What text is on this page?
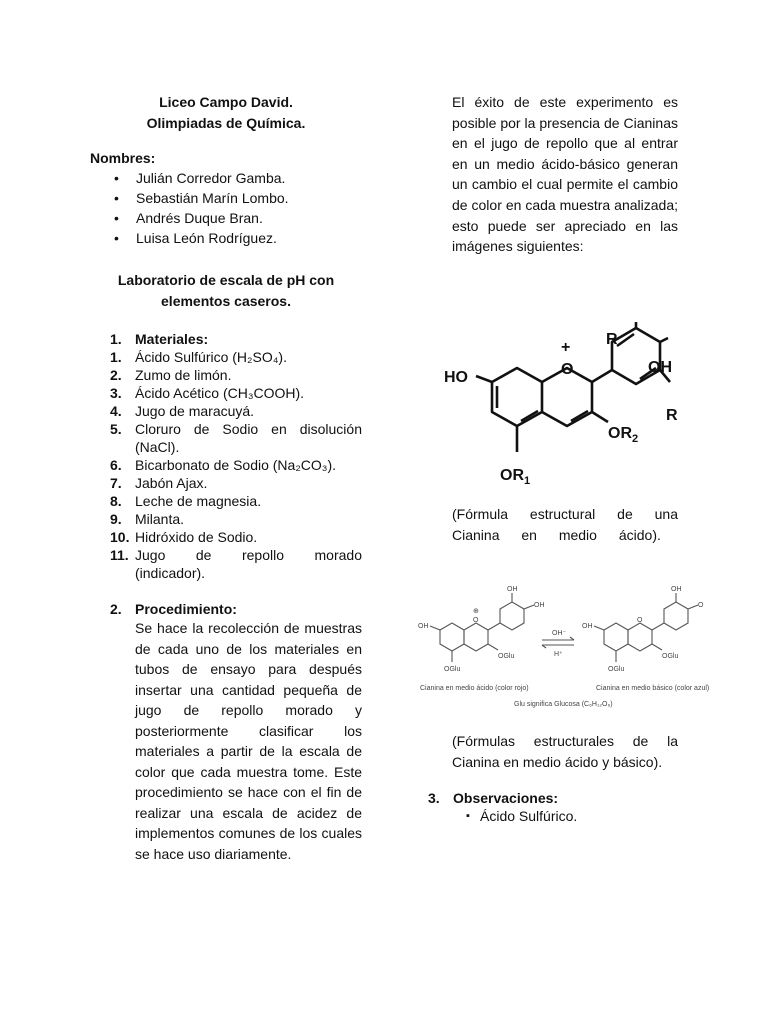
Liceo Campo David.
Olimpiadas de Química.
Nombres:
• Julián Corredor Gamba.
• Sebastián Marín Lombo.
• Andrés Duque Bran.
• Luisa León Rodríguez.
Laboratorio de escala de pH con
elementos caseros.
1. Materiales:
1. Ácido Sulfúrico (H₂SO₄).
2. Zumo de limón.
3. Ácido Acético (CH₃COOH).
4. Jugo de maracuyá.
5. Cloruro de Sodio en disolución (NaCl).
6. Bicarbonato de Sodio (Na₂CO₃).
7. Jabón Ajax.
8. Leche de magnesia.
9. Milanta.
10. Hidróxido de Sodio.
11. Jugo de repollo morado (indicador).
2. Procedimiento:
Se hace la recolección de muestras de cada uno de los materiales en tubos de ensayo para después insertar una cantidad pequeña de jugo de repollo morado y posteriormente clasificar los materiales a partir de la escala de color que cada muestra tome. Este procedimiento se hace con el fin de realizar una escala de acidez de implementos comunes de los cuales se hace uso diariamente.
El éxito de este experimento es posible por la presencia de Cianinas en el jugo de repollo que al entrar en un medio ácido-básico generan un cambio el cual permite el cambio de color en cada muestra analizada; esto puede ser apreciado en las imágenes siguientes:
HO	O
+
$OR_1$
$OR_2$
R
OH
R
(Fórmula estructural de una Cianina en medio ácido).
OH
OH
OH
O
⊕
OGlu
OGlu
OH⁻
H⁺
OH
OH
O
O
OGlu
OGlu
Cianina en medio ácido (color rojo)	Cianina en medio básico (color azul)
Glu significa Glucosa (C₆H₁₂O₆)
(Fórmulas estructurales de la Cianina en medio ácido y básico).
3. Observaciones:
▪ Ácido Sulfúrico.
